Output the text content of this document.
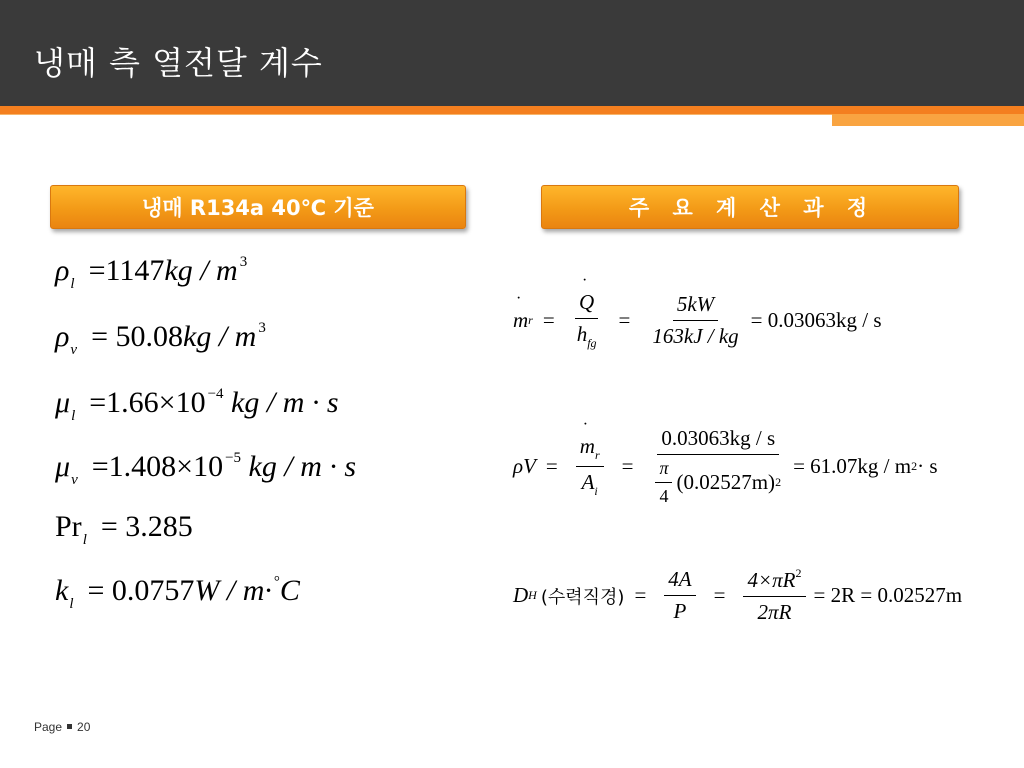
냉매 측 열전달 계수
냉매 R134a 40℃ 기준	주 요 계 산 과 정
$\rho_l =1147kg / m$ $^3$
$\rho_v = 50.08kg / m$ $^3$
$\mu_l =1.66\times 10$ $^{-4}$ kg / m · s
$\mu_v =1.408\times 10$ $^{-5}$ kg / m · s
$Pr_l = 3.285$
$k_l = 0.0757W / m\cdot ^\circ C$
· m r = · $\frac{Q}{h_{fg}} = \frac{5kW}{163kJ / kg} = 0.03063kg / s$
ρV = · $\frac{m_r}{A_i} = \frac{0.03063kg / s}{\frac{\pi}{4} (0.02527m) 2} = 61.07kg / m$ 2 · s
D H (수력직경) = $\frac{4A}{P} = \frac{4\times\pi R^2}{2\pi R} = 2R = 0.02527m$
Page 20
